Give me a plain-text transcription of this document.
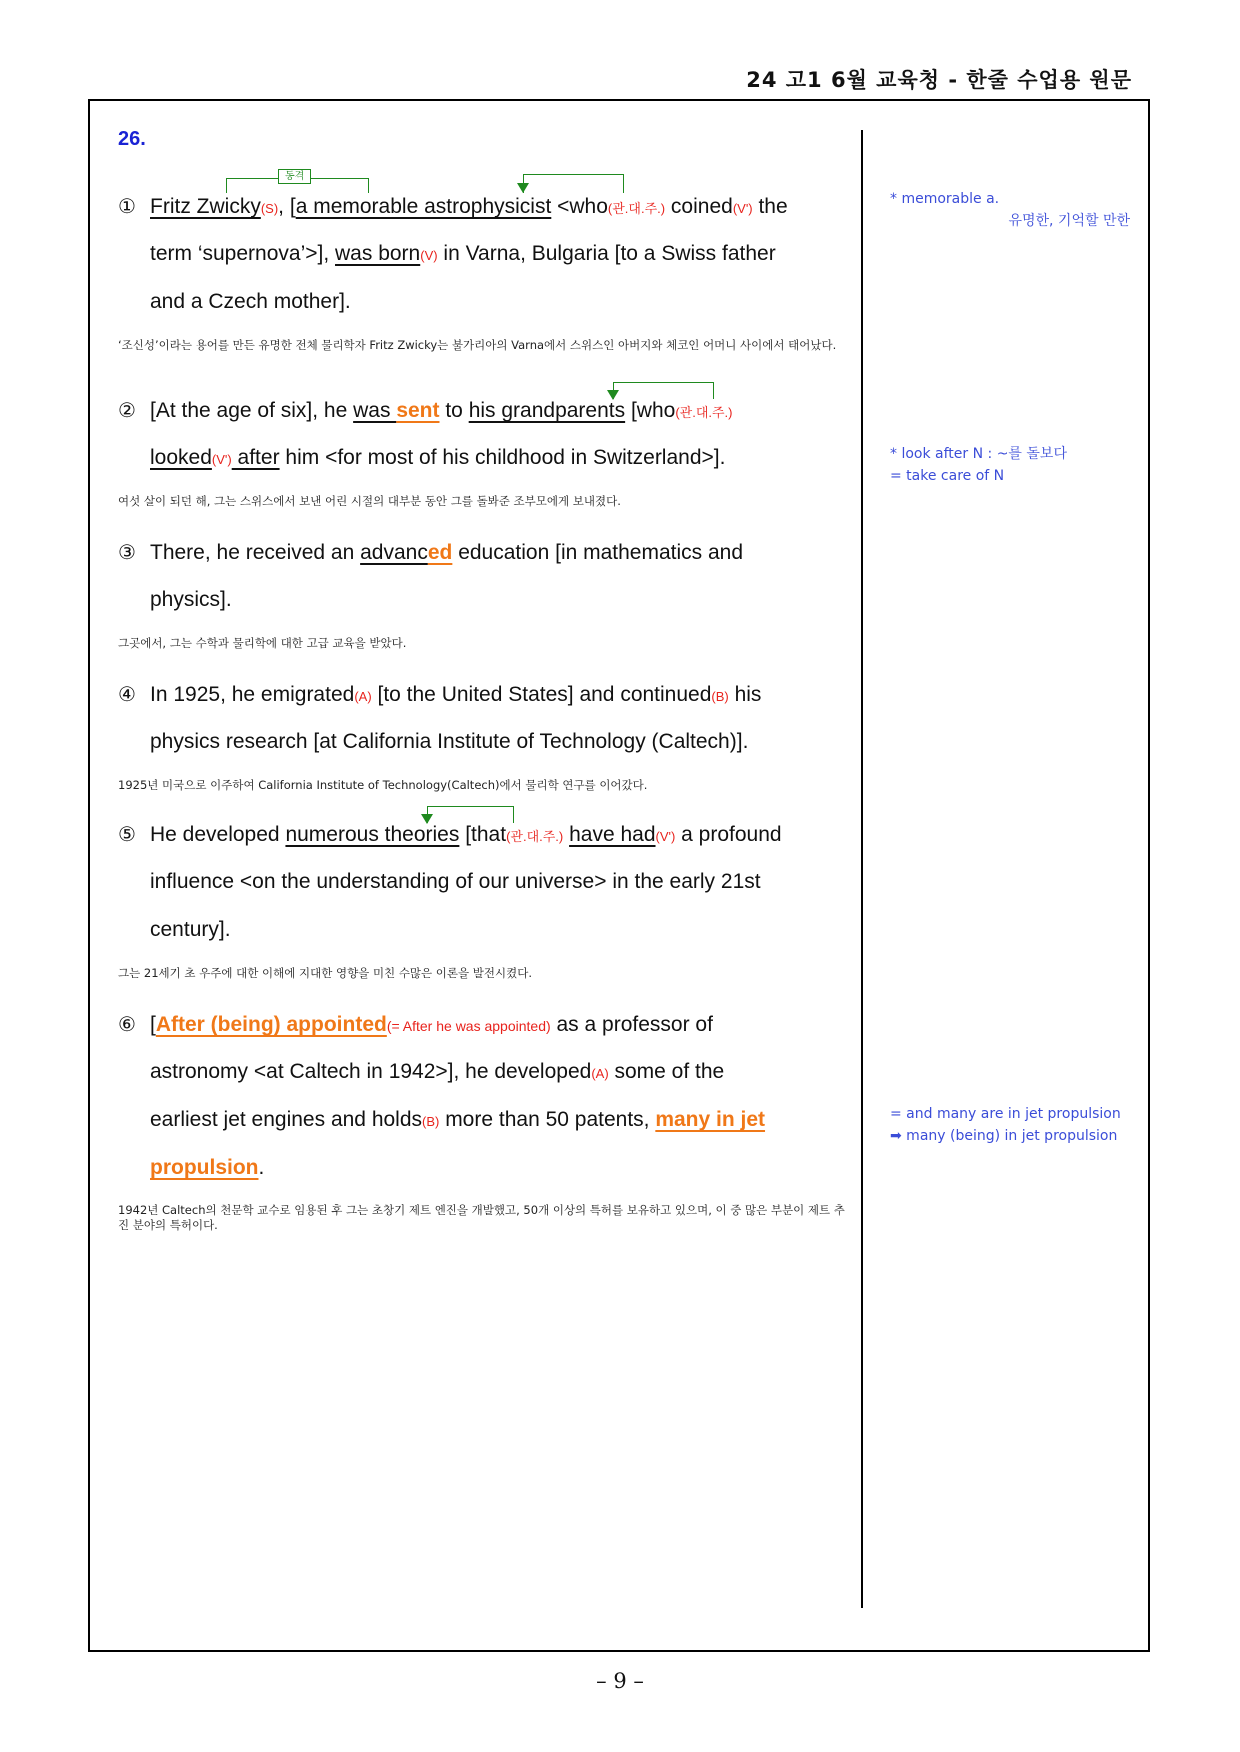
24 고1 6월 교육청 - 한줄 수업용 원문
26.
동격
① Fritz Zwicky(S), [a memorable astrophysicist <who(관.대.주.) coined(V') the
term ‘supernova’>], was born(V) in Varna, Bulgaria [to a Swiss father
and a Czech mother].
‘조신성’이라는 용어를 만든 유명한 전체 물리학자 Fritz Zwicky는 불가리아의 Varna에서 스위스인 아버지와 체코인 어머니 사이에서 태어났다.
② [At the age of six], he was sent to his grandparents [who(관.대.주.)
looked(V') after him <for most of his childhood in Switzerland>].
여섯 살이 되던 해, 그는 스위스에서 보낸 어린 시절의 대부분 동안 그를 돌봐준 조부모에게 보내졌다.
③ There, he received an advanced education [in mathematics and
physics].
그곳에서, 그는 수학과 물리학에 대한 고급 교육을 받았다.
④ In 1925, he emigrated(A) [to the United States] and continued(B) his
physics research [at California Institute of Technology (Caltech)].
1925년 미국으로 이주하여 California Institute of Technology(Caltech)에서 물리학 연구를 이어갔다.
⑤ He developed numerous theories [that(관.대.주.) have had(V') a profound
influence <on the understanding of our universe> in the early 21st
century].
그는 21세기 초 우주에 대한 이해에 지대한 영향을 미친 수많은 이론을 발전시켰다.
⑥ [After (being) appointed(= After he was appointed) as a professor of
astronomy <at Caltech in 1942>], he developed(A) some of the
earliest jet engines and holds(B) more than 50 patents, many in jet
propulsion.
1942년 Caltech의 천문학 교수로 임용된 후 그는 초창기 제트 엔진을 개발했고, 50개 이상의 특허를 보유하고 있으며, 이 중 많은 부분이 제트 추진 분야의 특허이다.
* memorable a.
유명한, 기억할 만한
* look after N : ~를 돌보다
= take care of N
= and many are in jet propulsion
➡ many (being) in jet propulsion
– 9 –
